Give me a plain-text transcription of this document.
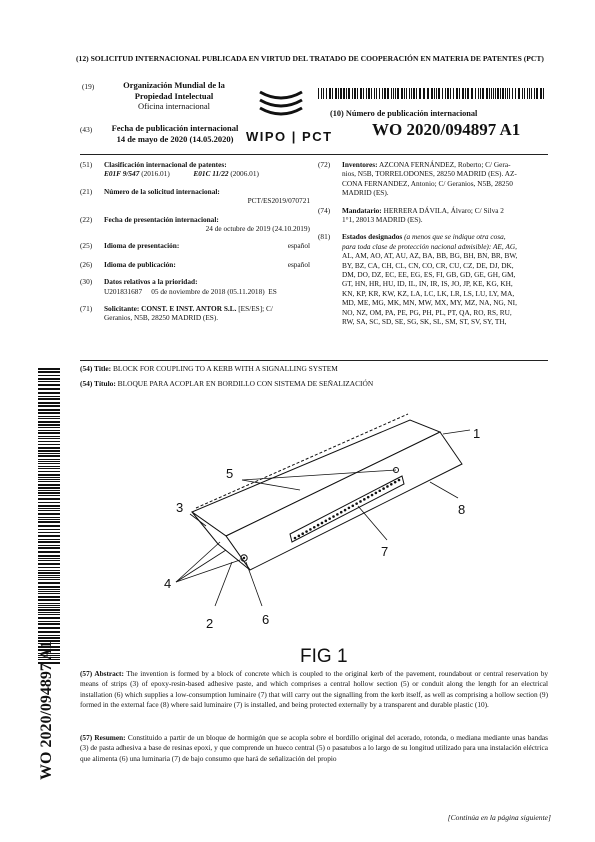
(12) SOLICITUD INTERNACIONAL PUBLICADA EN VIRTUD DEL TRATADO DE COOPERACIÓN EN MATERIA DE PATENTES (PCT)
(19)	Organización Mundial de la
Propiedad Intelectual
Oficina internacional
(43)	Fecha de publicación internacional
14 de mayo de 2020 (14.05.2020) WIPO | PCT
(10) Número de publicación internacional
WO 2020/094897 A1
(51) Clasificación internacional de patentes:
E01F 9/547 (2016.01)	E01C 11/22 (2006.01)
(21) Número de la solicitud internacional:
PCT/ES2019/070721
(22) Fecha de presentación internacional:
24 de octubre de 2019 (24.10.2019)
(25) Idioma de presentación:	español
(26) Idioma de publicación:	español
(30) Datos relativos a la prioridad:
U201831687     05 de noviembre de 2018 (05.11.2018)  ES
(71) Solicitante: CONST. E INST. ANTOR S.L. [ES/ES]; C/
Geranios, N5B, 28250 MADRID (ES).
(72)	Inventores: AZCONA FERNÁNDEZ, Roberto; C/ Gera-
nios, N5B, TORRELODONES, 28250 MADRID (ES). AZ-
CONA FERNANDEZ, Antonio; C/ Geranios, N5B, 28250
MADRID (ES).
(74)	Mandatario: HERRERA DÁVILA, Álvaro; C/ Silva 2
1°1, 28013 MADRID (ES).
(81)	Estados designados (a menos que se indique otra cosa,
para toda clase de protección nacional admisible): AE, AG,
AL, AM, AO, AT, AU, AZ, BA, BB, BG, BH, BN, BR, BW,
BY, BZ, CA, CH, CL, CN, CO, CR, CU, CZ, DE, DJ, DK,
DM, DO, DZ, EC, EE, EG, ES, FI, GB, GD, GE, GH, GM,
GT, HN, HR, HU, ID, IL, IN, IR, IS, JO, JP, KE, KG, KH,
KN, KP, KR, KW, KZ, LA, LC, LK, LR, LS, LU, LY, MA,
MD, ME, MG, MK, MN, MW, MX, MY, MZ, NA, NG, NI,
NO, NZ, OM, PA, PE, PG, PH, PL, PT, QA, RO, RS, RU,
RW, SA, SC, SD, SE, SG, SK, SL, SM, ST, SV, SY, TH,
(54) Title: BLOCK FOR COUPLING TO A KERB WITH A SIGNALLING SYSTEM
(54) Título: BLOQUE PARA ACOPLAR EN BORDILLO CON SISTEMA DE SEÑALIZACIÓN
WO 2020/094897 A1
1
2
3
4
5
6
7
8
FIG 1
(57) Abstract: The invention is formed by a block of concrete which is coupled to the original kerb of the pavement, roundabout or central reservation by means of strips (3) of epoxy-resin-based adhesive paste, and which comprises a central hollow section (5) or conduit along the length for an electrical installation (6) which supplies a low-consumption luminaire (7) that will carry out the signalling from the kerb itself, as well as comprising a hollow section (9) formed in the external face (8) where said luminaire (7) is installed, and being protected externally by a transparent and durable plastic (10).
(57) Resumen: Constituido a partir de un bloque de hormigón que se acopla sobre el bordillo original del acerado, rotonda, o mediana mediante unas bandas (3) de pasta adhesiva a base de resinas epoxi, y que comprende un hueco central (5) o pasatubos a lo largo de su longitud utilizado para una instalación eléctrica que alimenta (6) una luminaria (7) de bajo consumo que hará de señalización del propio
[Continúa en la página siguiente]
